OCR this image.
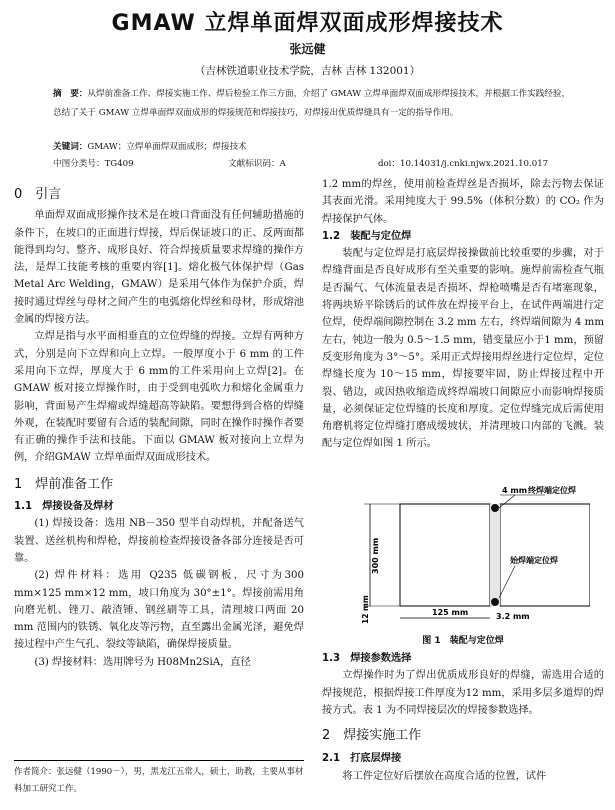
GMAW 立焊单面焊双面成形焊接技术
张远健
（吉林铁道职业技术学院，吉林 吉林 132001）
摘　要：从焊前准备工作、焊接实施工作、焊后检验工作三方面，介绍了 GMAW 立焊单面焊双面成形焊接技术，并根据工作实践经验，总结了关于 GMAW 立焊单面焊双面成形的焊接规范和焊接技巧，对焊接出优质焊缝具有一定的指导作用。
关键词：GMAW；立焊单面焊双面成形；焊接技术
中图分类号：TG409	文献标识码：A	doi：10.14031/j.cnki.njwx.2021.10.017
0　引言

单面焊双面成形操作技术是在坡口背面没有任何辅助措施的条件下，在坡口的正面进行焊接，焊后保证坡口的正、反两面都能得到均匀、整齐、成形良好、符合焊接质量要求焊缝的操作方法，是焊工技能考核的重要内容[1]。熔化极气体保护焊（Gas Metal Arc Welding，GMAW）是采用气体作为保护介质，焊接时通过焊丝与母材之间产生的电弧熔化焊丝和母材，形成熔池金属的焊接方法。

立焊是指与水平面相垂直的立位焊缝的焊接。立焊有两种方式，分别是向下立焊和向上立焊。一般厚度小于 6 mm 的工件采用向下立焊，厚度大于 6 mm的工件采用向上立焊[2]。在 GMAW 板对接立焊操作时，由于受到电弧吹力和熔化金属重力影响，背面易产生焊瘤或焊缝超高等缺陷。要想得到合格的焊缝外观，在装配时要留有合适的装配间隙，同时在操作时操作者要有正确的操作手法和技能。下面以 GMAW 板对接向上立焊为例，介绍GMAW 立焊单面焊双面成形技术。

1　焊前准备工作
1.1　焊接设备及焊材

(1) 焊接设备：选用 NB－350 型半自动焊机，并配备送气装置、送丝机构和焊枪，焊接前检查焊接设备各部分连接是否可靠。

(2) 焊件材料：选用 Q235 低碳钢板，尺寸为300 mm×125 mm×12 mm，坡口角度为 30°±1°。焊接前需用角向磨光机、锉刀、敲渣锤、钢丝刷等工具，清理坡口两面 20 mm 范围内的铁锈、氧化皮等污物，直至露出金属光泽，避免焊接过程中产生气孔、裂纹等缺陷，确保焊接质量。

(3) 焊接材料：选用牌号为 H08Mn2SiA，直径

作者简介：张远健（1990－），男，黑龙江五常人，硕士，助教，主要从事材料加工研究工作。

1.2 mm的焊丝，使用前检查焊丝是否损坏，除去污物去保证其表面光滑。采用纯度大于 99.5%（体积分数）的 CO₂ 作为焊接保护气体。

1.2　装配与定位焊

装配与定位焊是打底层焊接操做前比较重要的步骤，对于焊缝背面是否良好成形有至关重要的影响。施焊前需检查气瓶是否漏气、气体流量表是否损坏、焊枪喷嘴是否有堵塞现象，将两块矫平除锈后的试件放在焊接平台上，在试件两端进行定位焊，使焊端间隙控制在 3.2 mm 左右，终焊端间隙为 4 mm左右，钝边一般为 0.5～1.5 mm，错变量应小于1 mm，预留反变形角度为 3°～5°。采用正式焊接用焊丝进行定位焊，定位焊缝长度为 10～15 mm，焊接要牢固，防止焊接过程中开裂、错边，或因热收缩造成终焊端坡口间隙应小而影响焊接质量，必须保证定位焊缝的长度和厚度。定位焊缝完成后需使用角磨机将定位焊缝打磨成缓坡状，并清理坡口内部的飞溅。装配与定位焊如图 1 所示。

4 mm 终焊端定位焊
始焊端定位焊
300 mm
12 mm	125 mm	3.2 mm
图 1　装配与定位焊
1.3　焊接参数选择

立焊操作时为了焊出优质成形良好的焊缝，需选用合适的焊接规范，根据焊接工件厚度为12 mm，采用多层多道焊的焊接方式。表 1 为不同焊接层次的焊接参数选择。

2　焊接实施工作
2.1　打底层焊接

将工件定位好后摆放在高度合适的位置，试件
